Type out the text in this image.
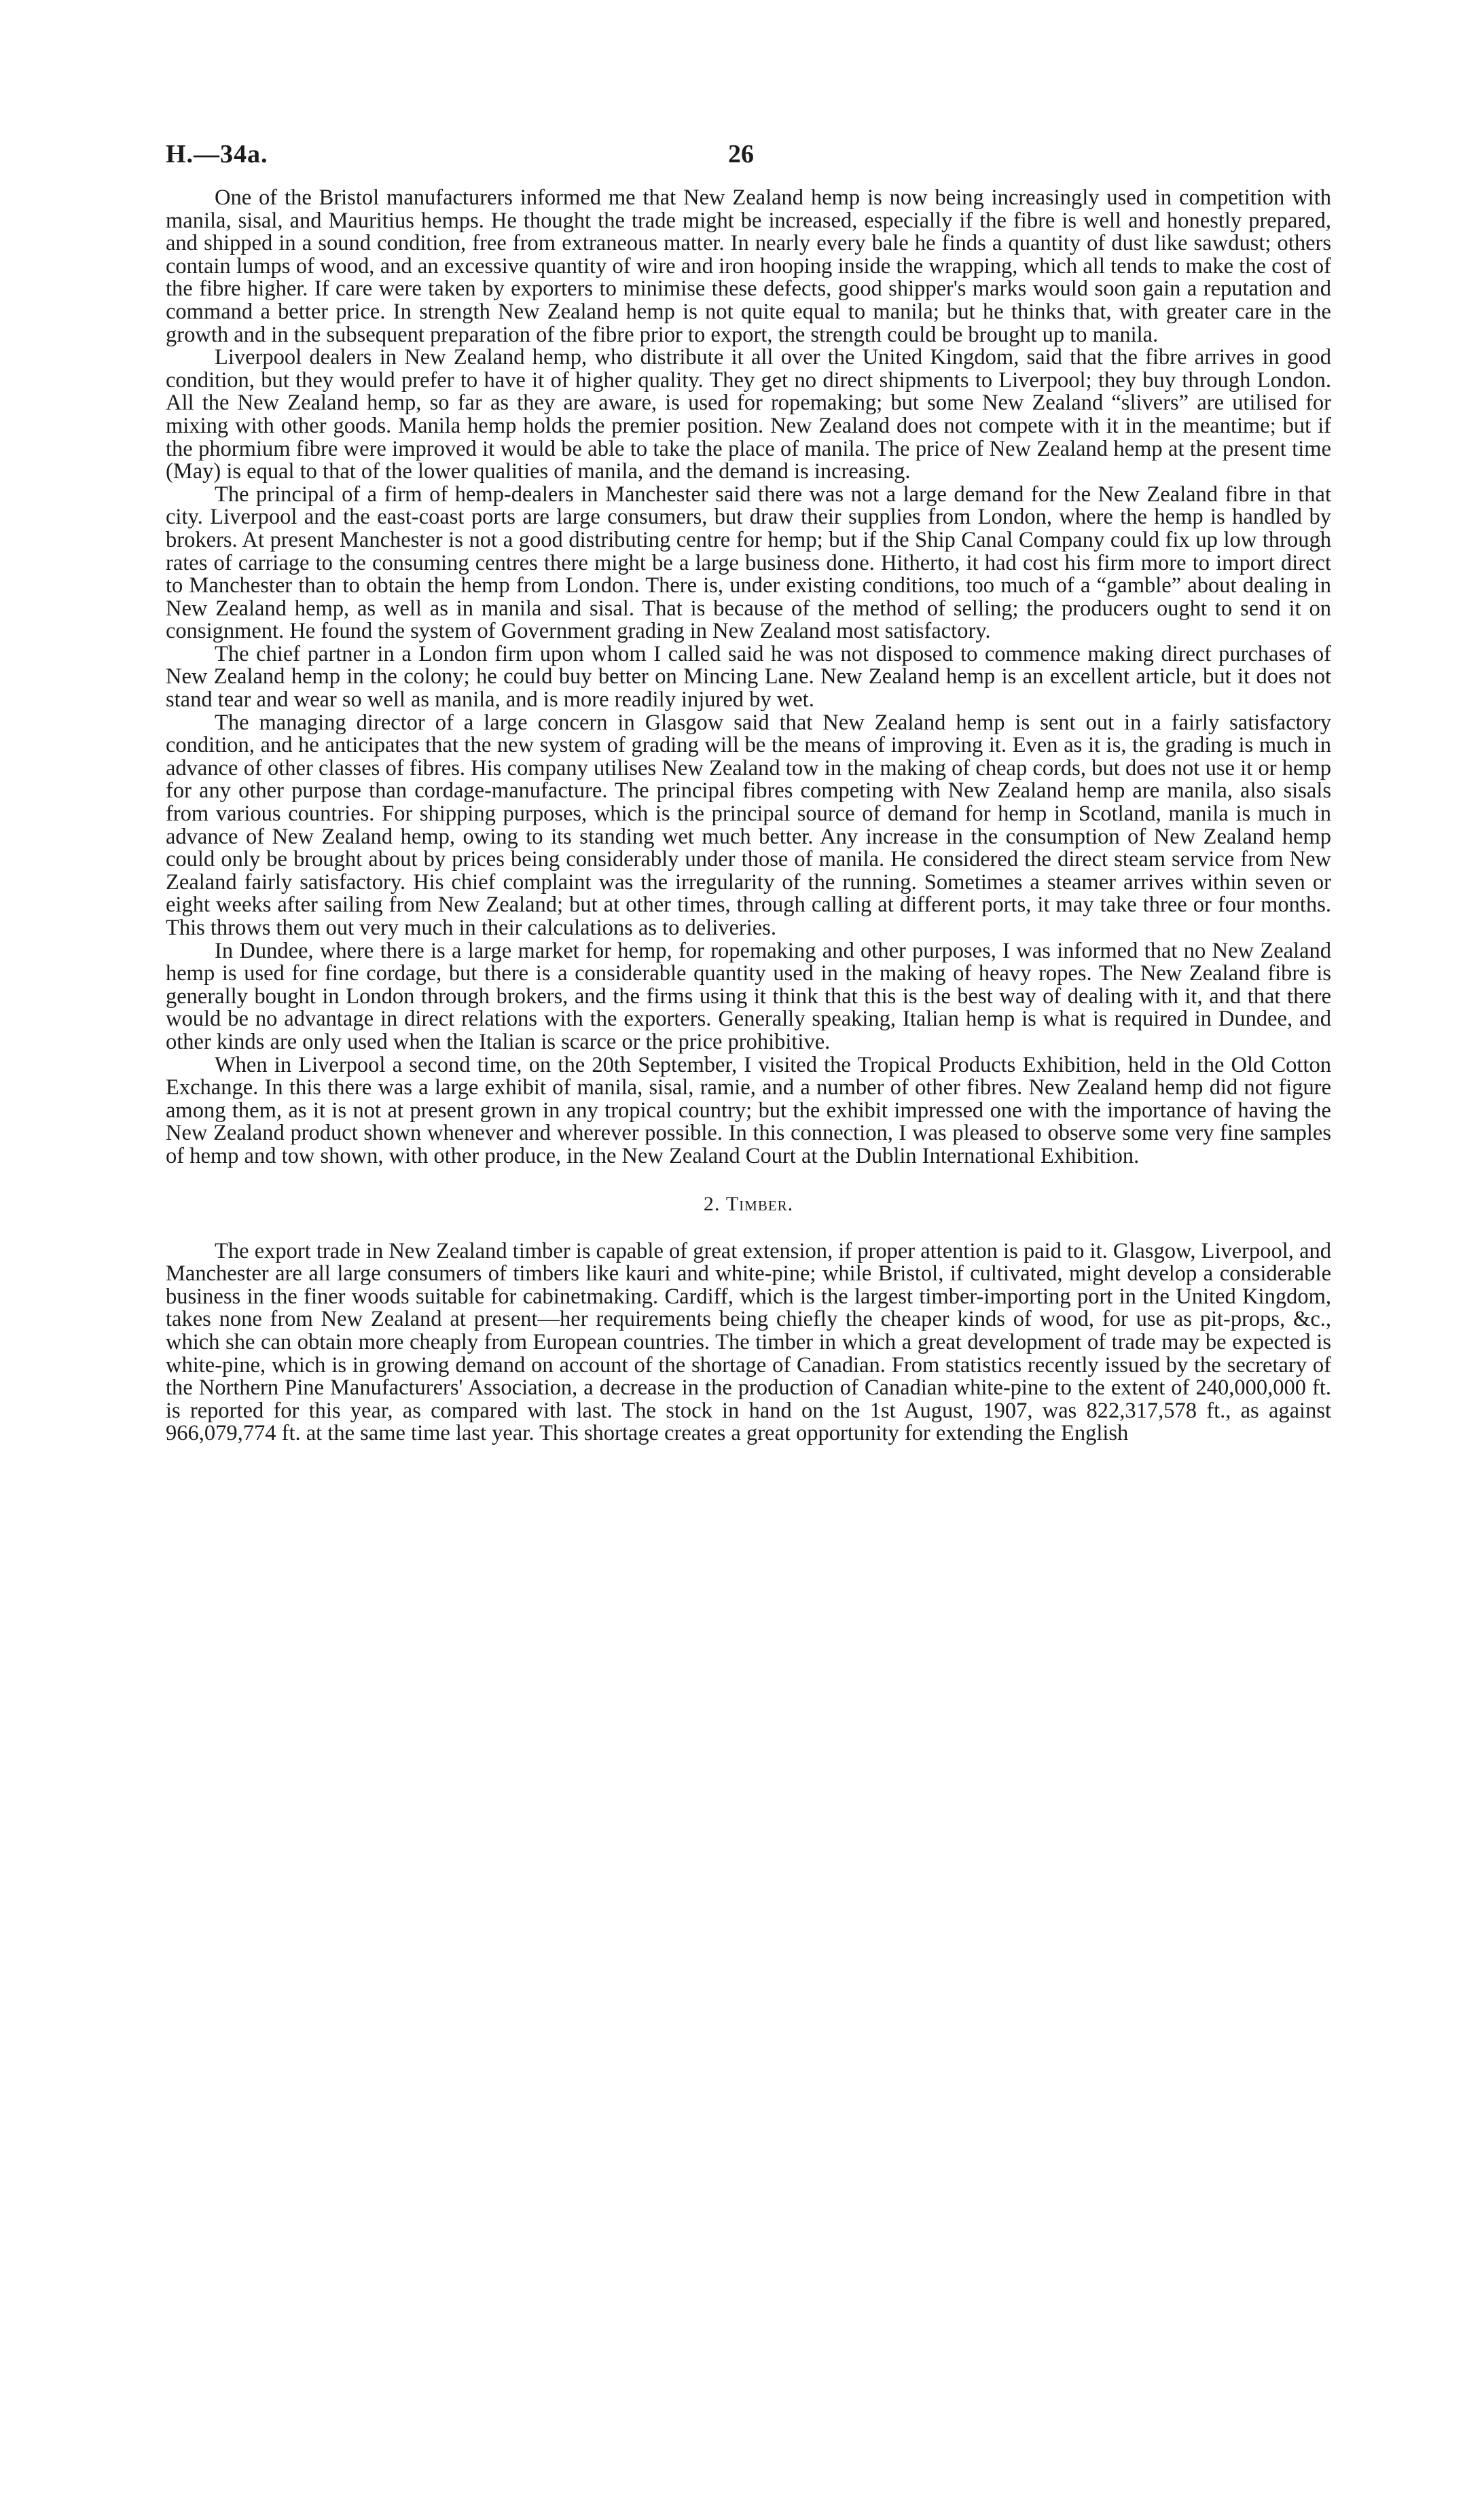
H.—34a.	26

One of the Bristol manufacturers informed me that New Zealand hemp is now being increasingly used in competition with manila, sisal, and Mauritius hemps. He thought the trade might be increased, especially if the fibre is well and honestly prepared, and shipped in a sound condition, free from extraneous matter. In nearly every bale he finds a quantity of dust like sawdust; others contain lumps of wood, and an excessive quantity of wire and iron hooping inside the wrapping, which all tends to make the cost of the fibre higher. If care were taken by exporters to minimise these defects, good shipper's marks would soon gain a reputation and command a better price. In strength New Zealand hemp is not quite equal to manila; but he thinks that, with greater care in the growth and in the subsequent preparation of the fibre prior to export, the strength could be brought up to manila.

Liverpool dealers in New Zealand hemp, who distribute it all over the United Kingdom, said that the fibre arrives in good condition, but they would prefer to have it of higher quality. They get no direct shipments to Liverpool; they buy through London. All the New Zealand hemp, so far as they are aware, is used for ropemaking; but some New Zealand “slivers” are utilised for mixing with other goods. Manila hemp holds the premier position. New Zealand does not compete with it in the meantime; but if the phormium fibre were improved it would be able to take the place of manila. The price of New Zealand hemp at the present time (May) is equal to that of the lower qualities of manila, and the demand is increasing.

The principal of a firm of hemp-dealers in Manchester said there was not a large demand for the New Zealand fibre in that city. Liverpool and the east-coast ports are large consumers, but draw their supplies from London, where the hemp is handled by brokers. At present Manchester is not a good distributing centre for hemp; but if the Ship Canal Company could fix up low through rates of carriage to the consuming centres there might be a large business done. Hitherto, it had cost his firm more to import direct to Manchester than to obtain the hemp from London. There is, under existing conditions, too much of a “gamble” about dealing in New Zealand hemp, as well as in manila and sisal. That is because of the method of selling; the producers ought to send it on consignment. He found the system of Government grading in New Zealand most satisfactory.

The chief partner in a London firm upon whom I called said he was not disposed to commence making direct purchases of New Zealand hemp in the colony; he could buy better on Mincing Lane. New Zealand hemp is an excellent article, but it does not stand tear and wear so well as manila, and is more readily injured by wet.

The managing director of a large concern in Glasgow said that New Zealand hemp is sent out in a fairly satisfactory condition, and he anticipates that the new system of grading will be the means of improving it. Even as it is, the grading is much in advance of other classes of fibres. His company utilises New Zealand tow in the making of cheap cords, but does not use it or hemp for any other purpose than cordage-manufacture. The principal fibres competing with New Zealand hemp are manila, also sisals from various countries. For shipping purposes, which is the principal source of demand for hemp in Scotland, manila is much in advance of New Zealand hemp, owing to its standing wet much better. Any increase in the consumption of New Zealand hemp could only be brought about by prices being considerably under those of manila. He considered the direct steam service from New Zealand fairly satisfactory. His chief complaint was the irregularity of the running. Sometimes a steamer arrives within seven or eight weeks after sailing from New Zealand; but at other times, through calling at different ports, it may take three or four months. This throws them out very much in their calculations as to deliveries.

In Dundee, where there is a large market for hemp, for ropemaking and other purposes, I was informed that no New Zealand hemp is used for fine cordage, but there is a considerable quantity used in the making of heavy ropes. The New Zealand fibre is generally bought in London through brokers, and the firms using it think that this is the best way of dealing with it, and that there would be no advantage in direct relations with the exporters. Generally speaking, Italian hemp is what is required in Dundee, and other kinds are only used when the Italian is scarce or the price prohibitive.

When in Liverpool a second time, on the 20th September, I visited the Tropical Products Exhibition, held in the Old Cotton Exchange. In this there was a large exhibit of manila, sisal, ramie, and a number of other fibres. New Zealand hemp did not figure among them, as it is not at present grown in any tropical country; but the exhibit impressed one with the importance of having the New Zealand product shown whenever and wherever possible. In this connection, I was pleased to observe some very fine samples of hemp and tow shown, with other produce, in the New Zealand Court at the Dublin International Exhibition.

2. Timber.

The export trade in New Zealand timber is capable of great extension, if proper attention is paid to it. Glasgow, Liverpool, and Manchester are all large consumers of timbers like kauri and white-pine; while Bristol, if cultivated, might develop a considerable business in the finer woods suitable for cabinetmaking. Cardiff, which is the largest timber-importing port in the United Kingdom, takes none from New Zealand at present—her requirements being chiefly the cheaper kinds of wood, for use as pit-props, &c., which she can obtain more cheaply from European countries. The timber in which a great development of trade may be expected is white-pine, which is in growing demand on account of the shortage of Canadian. From statistics recently issued by the secretary of the Northern Pine Manufacturers' Association, a decrease in the production of Canadian white-pine to the extent of 240,000,000 ft. is reported for this year, as compared with last. The stock in hand on the 1st August, 1907, was 822,317,578 ft., as against 966,079,774 ft. at the same time last year. This shortage creates a great opportunity for extending the English
